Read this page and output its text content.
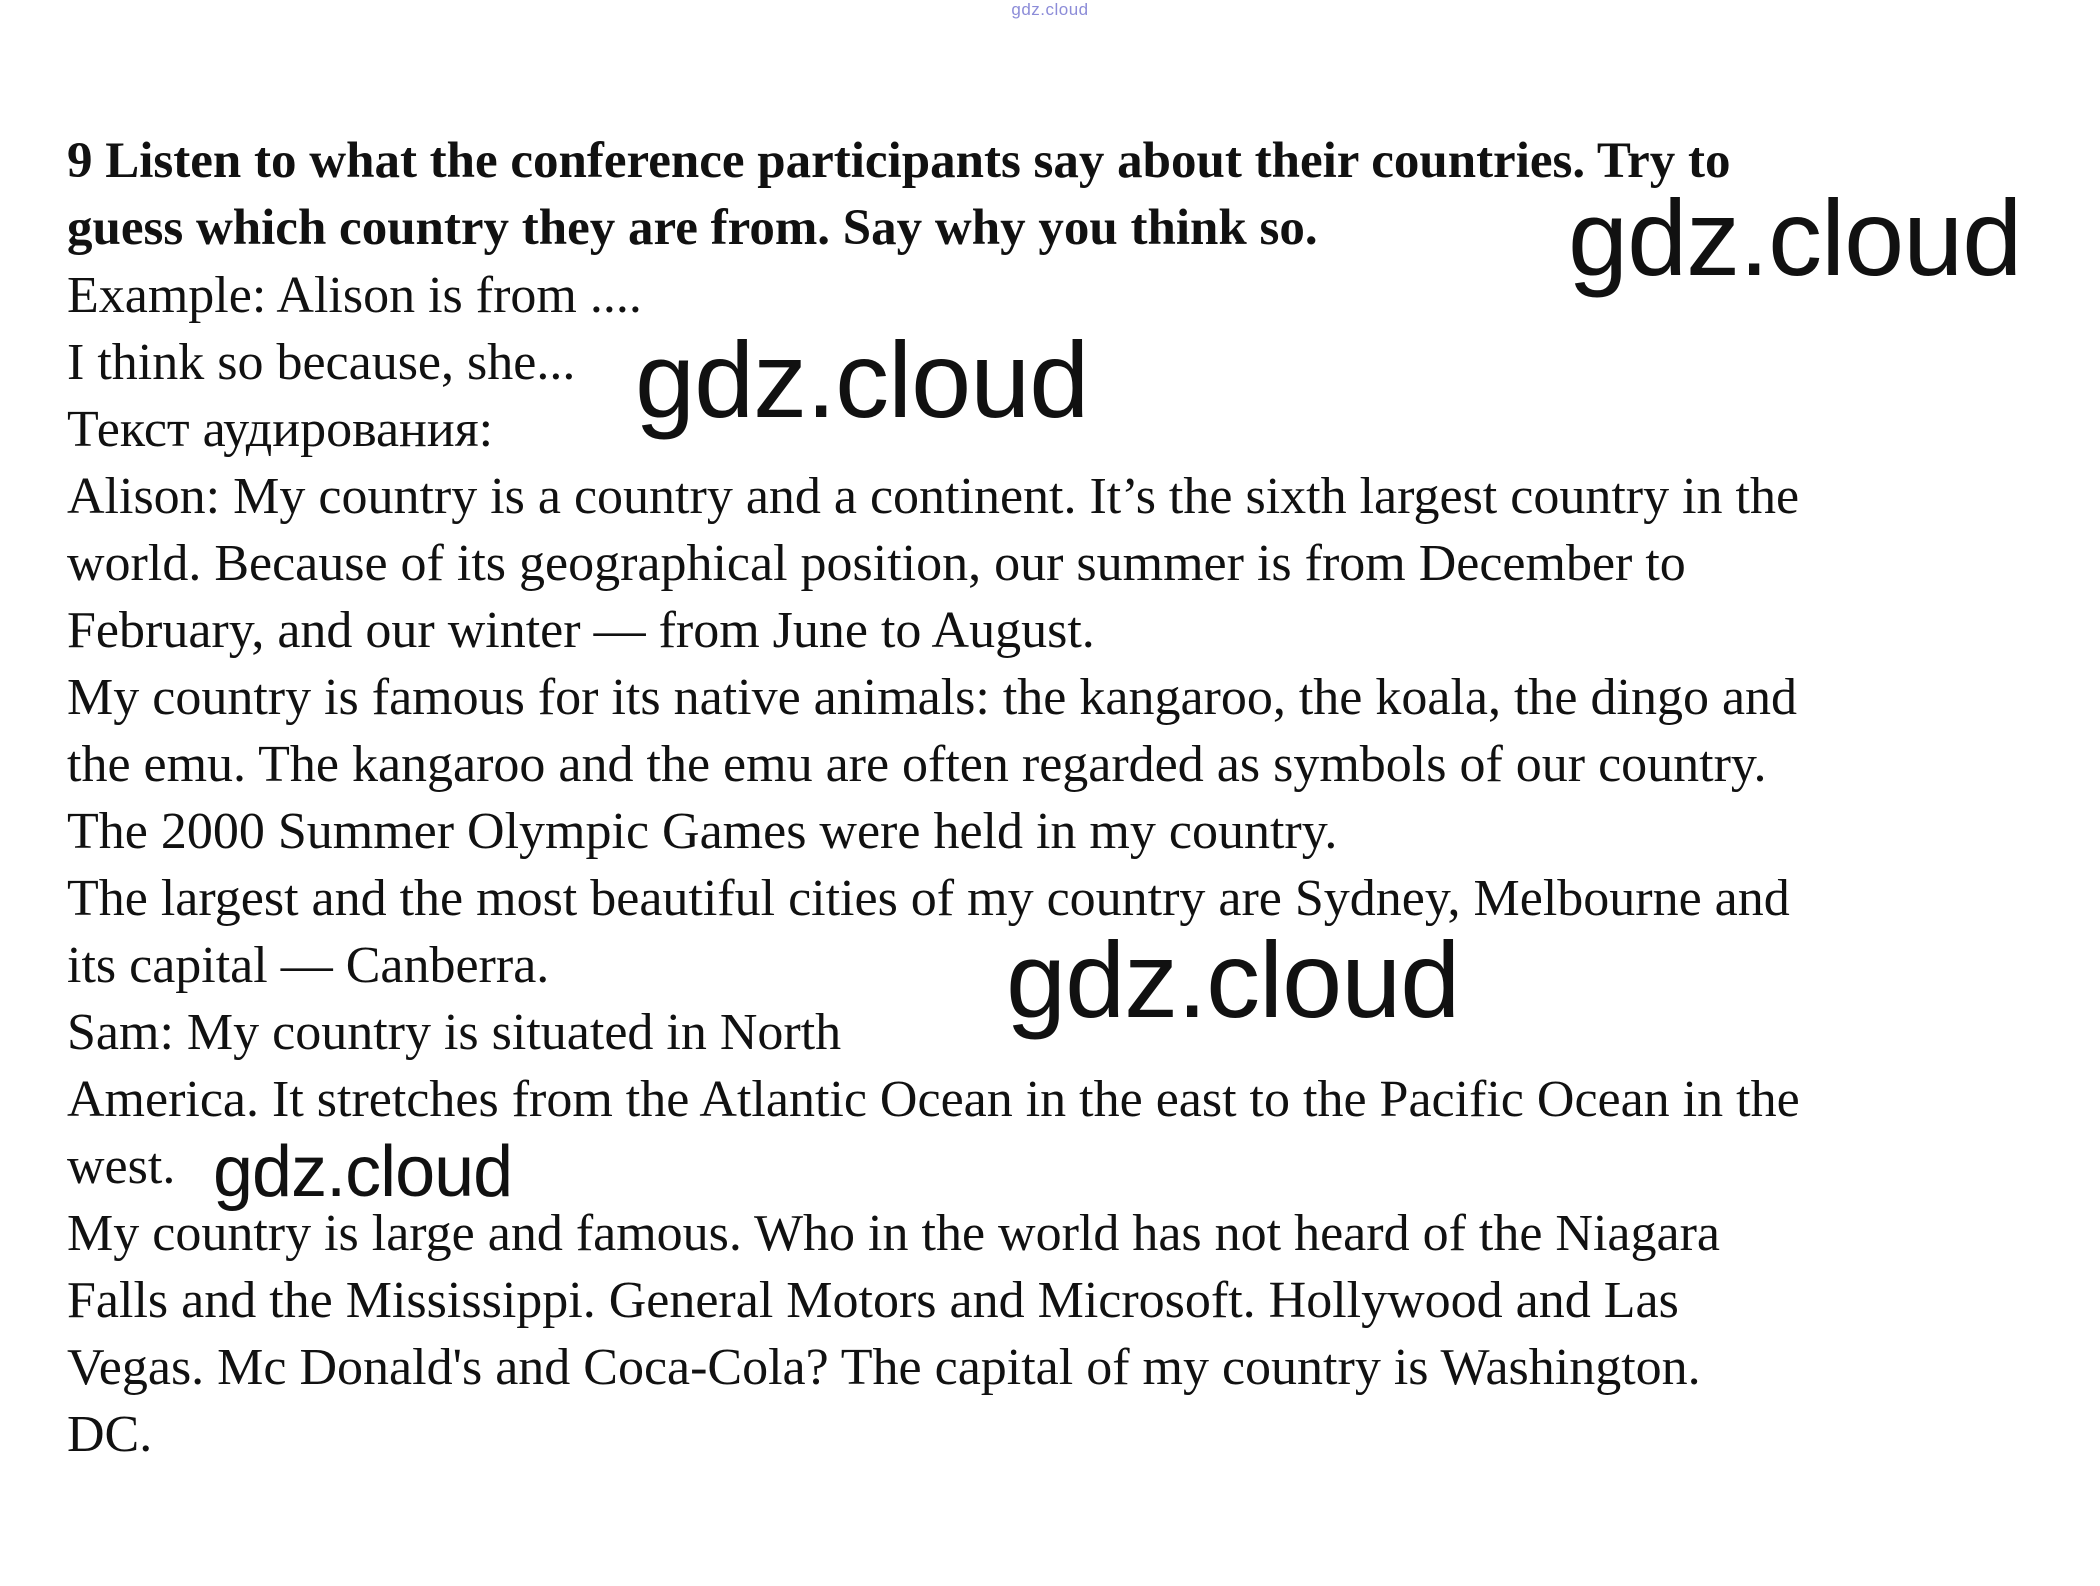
gdz.cloud
9 Listen to what the conference participants say about their countries. Try to
guess which country they are from. Say why you think so.
Example: Alison is from ....
I think so because, she...
Текст аудирования:
Alison: My country is a country and a continent. It’s the sixth largest country in the
world. Because of its geographical position, our summer is from December to
February, and our winter — from June to August.
My country is famous for its native animals: the kangaroo, the koala, the dingo and
the emu. The kangaroo and the emu are often regarded as symbols of our country.
The 2000 Summer Olympic Games were held in my country.
The largest and the most beautiful cities of my country are Sydney, Melbourne and
its capital — Canberra.
Sam: My country is situated in North
America. It stretches from the Atlantic Ocean in the east to the Pacific Ocean in the
west.
My country is large and famous. Who in the world has not heard of the Niagara
Falls and the Mississippi. General Motors and Microsoft. Hollywood and Las
Vegas. Mc Donald's and Coca-Cola? The capital of my country is Washington.
DC.
gdz.cloud
gdz.cloud
gdz.cloud
gdz.cloud
